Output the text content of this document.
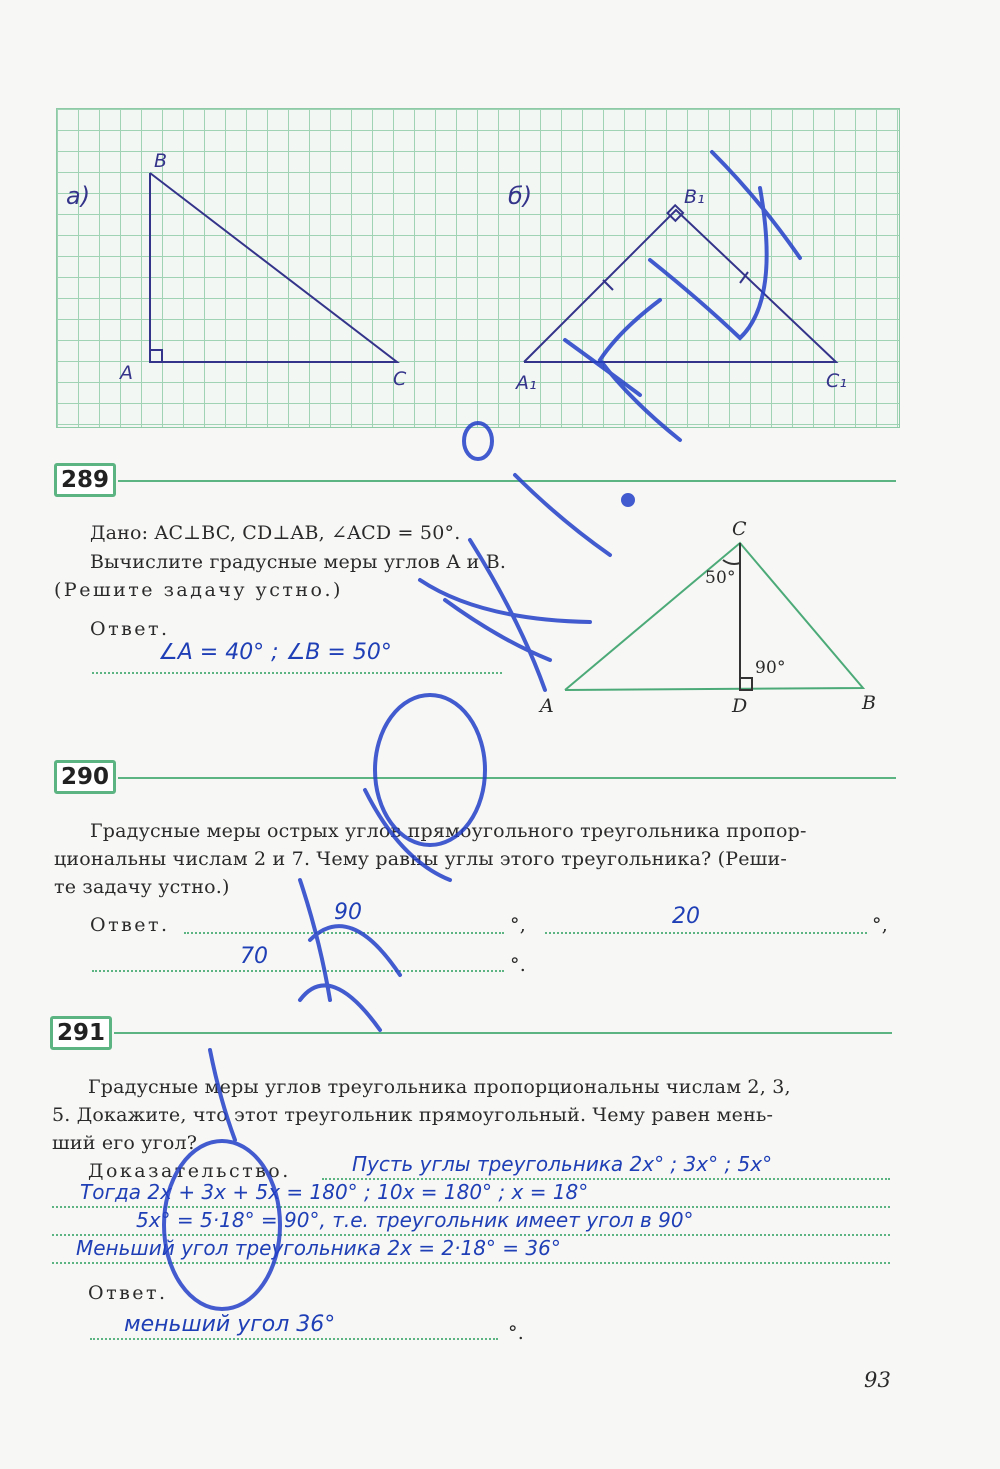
а)	б)
B
A	C
B₁
A₁	C₁
289
Дано: AC⊥BC, CD⊥AB, ∠ACD = 50°.
Вычислите градусные меры углов A и B.
(Решите задачу устно.)
Ответ.
∠A = 40° ; ∠B = 50°
C
A	D	B
50°
90°
290
Градусные меры острых углов прямоугольного треугольника пропор-
циональны числам 2 и 7. Чему равны углы этого треугольника? (Реши-
те задачу устно.)
Ответ.	°,	°,
°.
90	20
70
291
Градусные меры углов треугольника пропорциональны числам 2, 3,
5. Докажите, что этот треугольник прямоугольный. Чему равен мень-
ший его угол?
Доказательство.	Пусть углы треугольника 2x° ; 3x° ; 5x°
Тогда 2x + 3x + 5x = 180° ; 10x = 180° ; x = 18°
5x° = 5·18° = 90°, т.е. треугольник имеет угол в 90°
Меньший угол треугольника 2x = 2·18° = 36°
Ответ.
°.
меньший угол 36°
93
